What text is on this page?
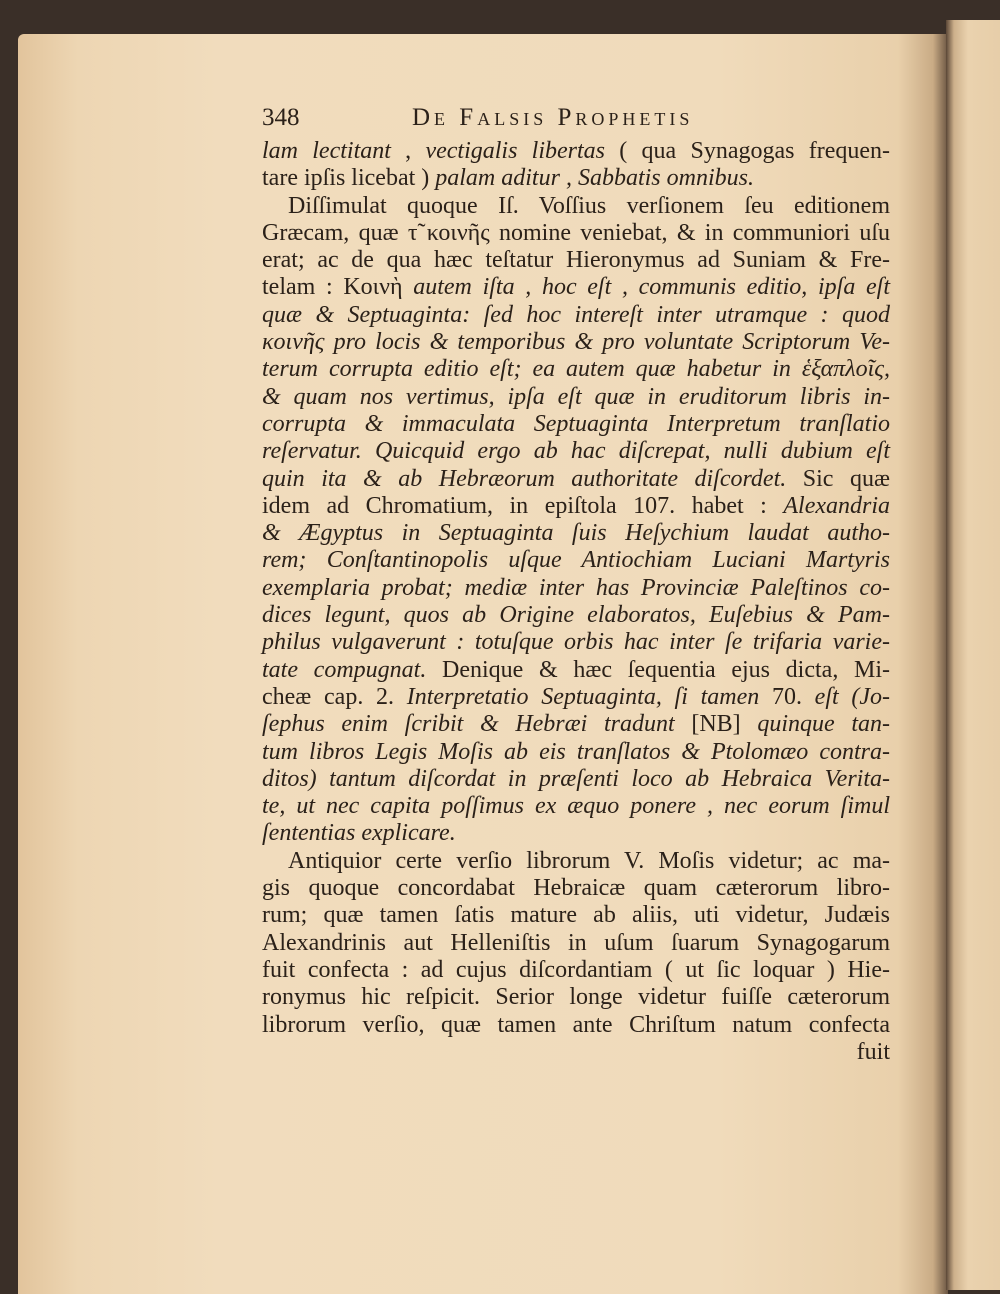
348	De Falsis Prophetis
lam lectitant , vectigalis libertas ( qua Synagogas frequen-
tare ipſis licebat ) palam aditur , Sabbatis omnibus.
Diſſimulat quoque Iſ. Voſſius verſionem ſeu editionem
Græcam, quæ τ̃ κοινῆς nomine veniebat, & in communiori uſu
erat; ac de qua hæc teſtatur Hieronymus ad Suniam & Fre-
telam : Κοινὴ autem iſta , hoc eſt , communis editio, ipſa eſt
quæ & Septuaginta: ſed hoc intereſt inter utramque : quod
κοινῆς pro locis & temporibus & pro voluntate Scriptorum Ve-
terum corrupta editio eſt; ea autem quæ habetur in ἑξαπλοῖς,
& quam nos vertimus, ipſa eſt quæ in eruditorum libris in-
corrupta & immaculata Septuaginta Interpretum tranſlatio
reſervatur. Quicquid ergo ab hac diſcrepat, nulli dubium eſt
quin ita & ab Hebræorum authoritate diſcordet. Sic quæ
idem ad Chromatium, in epiſtola 107. habet : Alexandria
& Ægyptus in Septuaginta ſuis Heſychium laudat autho-
rem; Conſtantinopolis uſque Antiochiam Luciani Martyris
exemplaria probat; mediæ inter has Provinciæ Paleſtinos co-
dices legunt, quos ab Origine elaboratos, Euſebius & Pam-
philus vulgaverunt : totuſque orbis hac inter ſe trifaria varie-
tate compugnat. Denique & hæc ſequentia ejus dicta, Mi-
cheæ cap. 2. Interpretatio Septuaginta, ſi tamen 70. eſt (Jo-
ſephus enim ſcribit & Hebræi tradunt [NB] quinque tan-
tum libros Legis Moſis ab eis tranſlatos & Ptolomæo contra-
ditos) tantum diſcordat in præſenti loco ab Hebraica Verita-
te, ut nec capita poſſimus ex æquo ponere , nec eorum ſimul
ſententias explicare.
Antiquior certe verſio librorum V. Moſis videtur; ac ma-
gis quoque concordabat Hebraicæ quam cæterorum libro-
rum; quæ tamen ſatis mature ab aliis, uti videtur, Judæis
Alexandrinis aut Helleniſtis in uſum ſuarum Synagogarum
fuit confecta : ad cujus diſcordantiam ( ut ſic loquar ) Hie-
ronymus hic reſpicit. Serior longe videtur fuiſſe cæterorum
librorum verſio, quæ tamen ante Chriſtum natum confecta
fuit
